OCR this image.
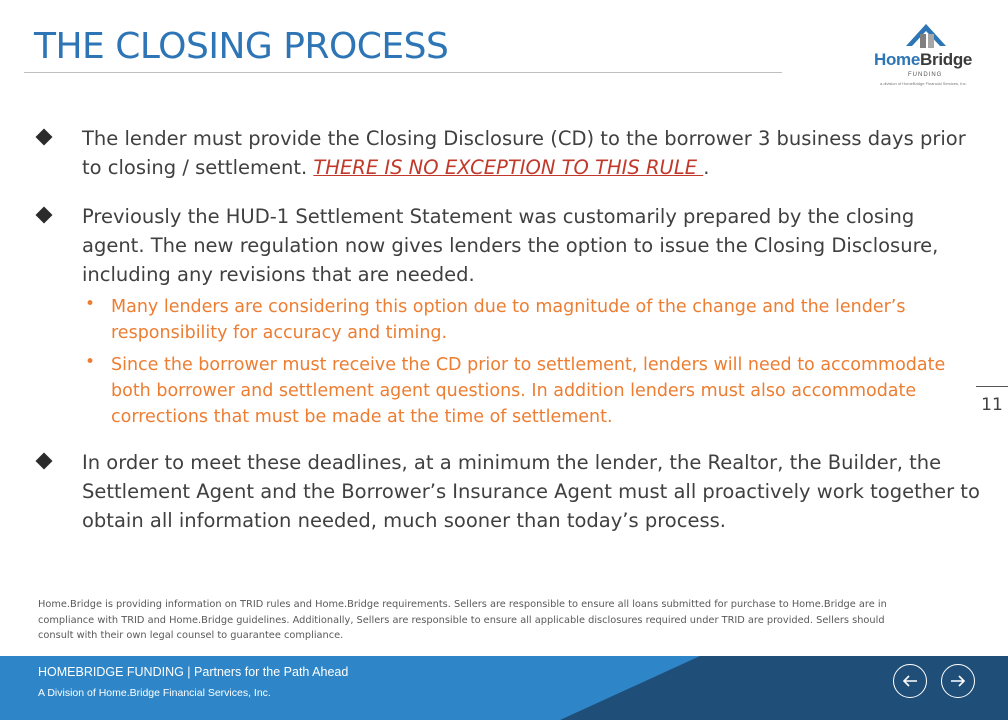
THE CLOSING PROCESS	HomeBridge
FUNDING
a division of HomeBridge Financial Services, Inc.
The lender must provide the Closing Disclosure (CD) to the borrower 3 business days prior to closing / settlement. THERE IS NO EXCEPTION TO THIS RULE .
Previously the HUD-1 Settlement Statement was customarily prepared by the closing agent. The new regulation now gives lenders the option to issue the Closing Disclosure, including any revisions that are needed.
• Many lenders are considering this option due to magnitude of the change and the lender’s responsibility for accuracy and timing.
• Since the borrower must receive the CD prior to settlement, lenders will need to accommodate both borrower and settlement agent questions. In addition lenders must also accommodate corrections that must be made at the time of settlement.
11
In order to meet these deadlines, at a minimum the lender, the Realtor, the Builder, the Settlement Agent and the Borrower’s Insurance Agent must all proactively work together to obtain all information needed, much sooner than today’s process.
Home.Bridge is providing information on TRID rules and Home.Bridge requirements. Sellers are responsible to ensure all loans submitted for purchase to Home.Bridge are in compliance with TRID and Home.Bridge guidelines. Additionally, Sellers are responsible to ensure all applicable disclosures required under TRID are provided. Sellers should consult with their own legal counsel to guarantee compliance.
HOMEBRIDGE FUNDING | Partners for the Path Ahead
A Division of Home.Bridge Financial Services, Inc.
